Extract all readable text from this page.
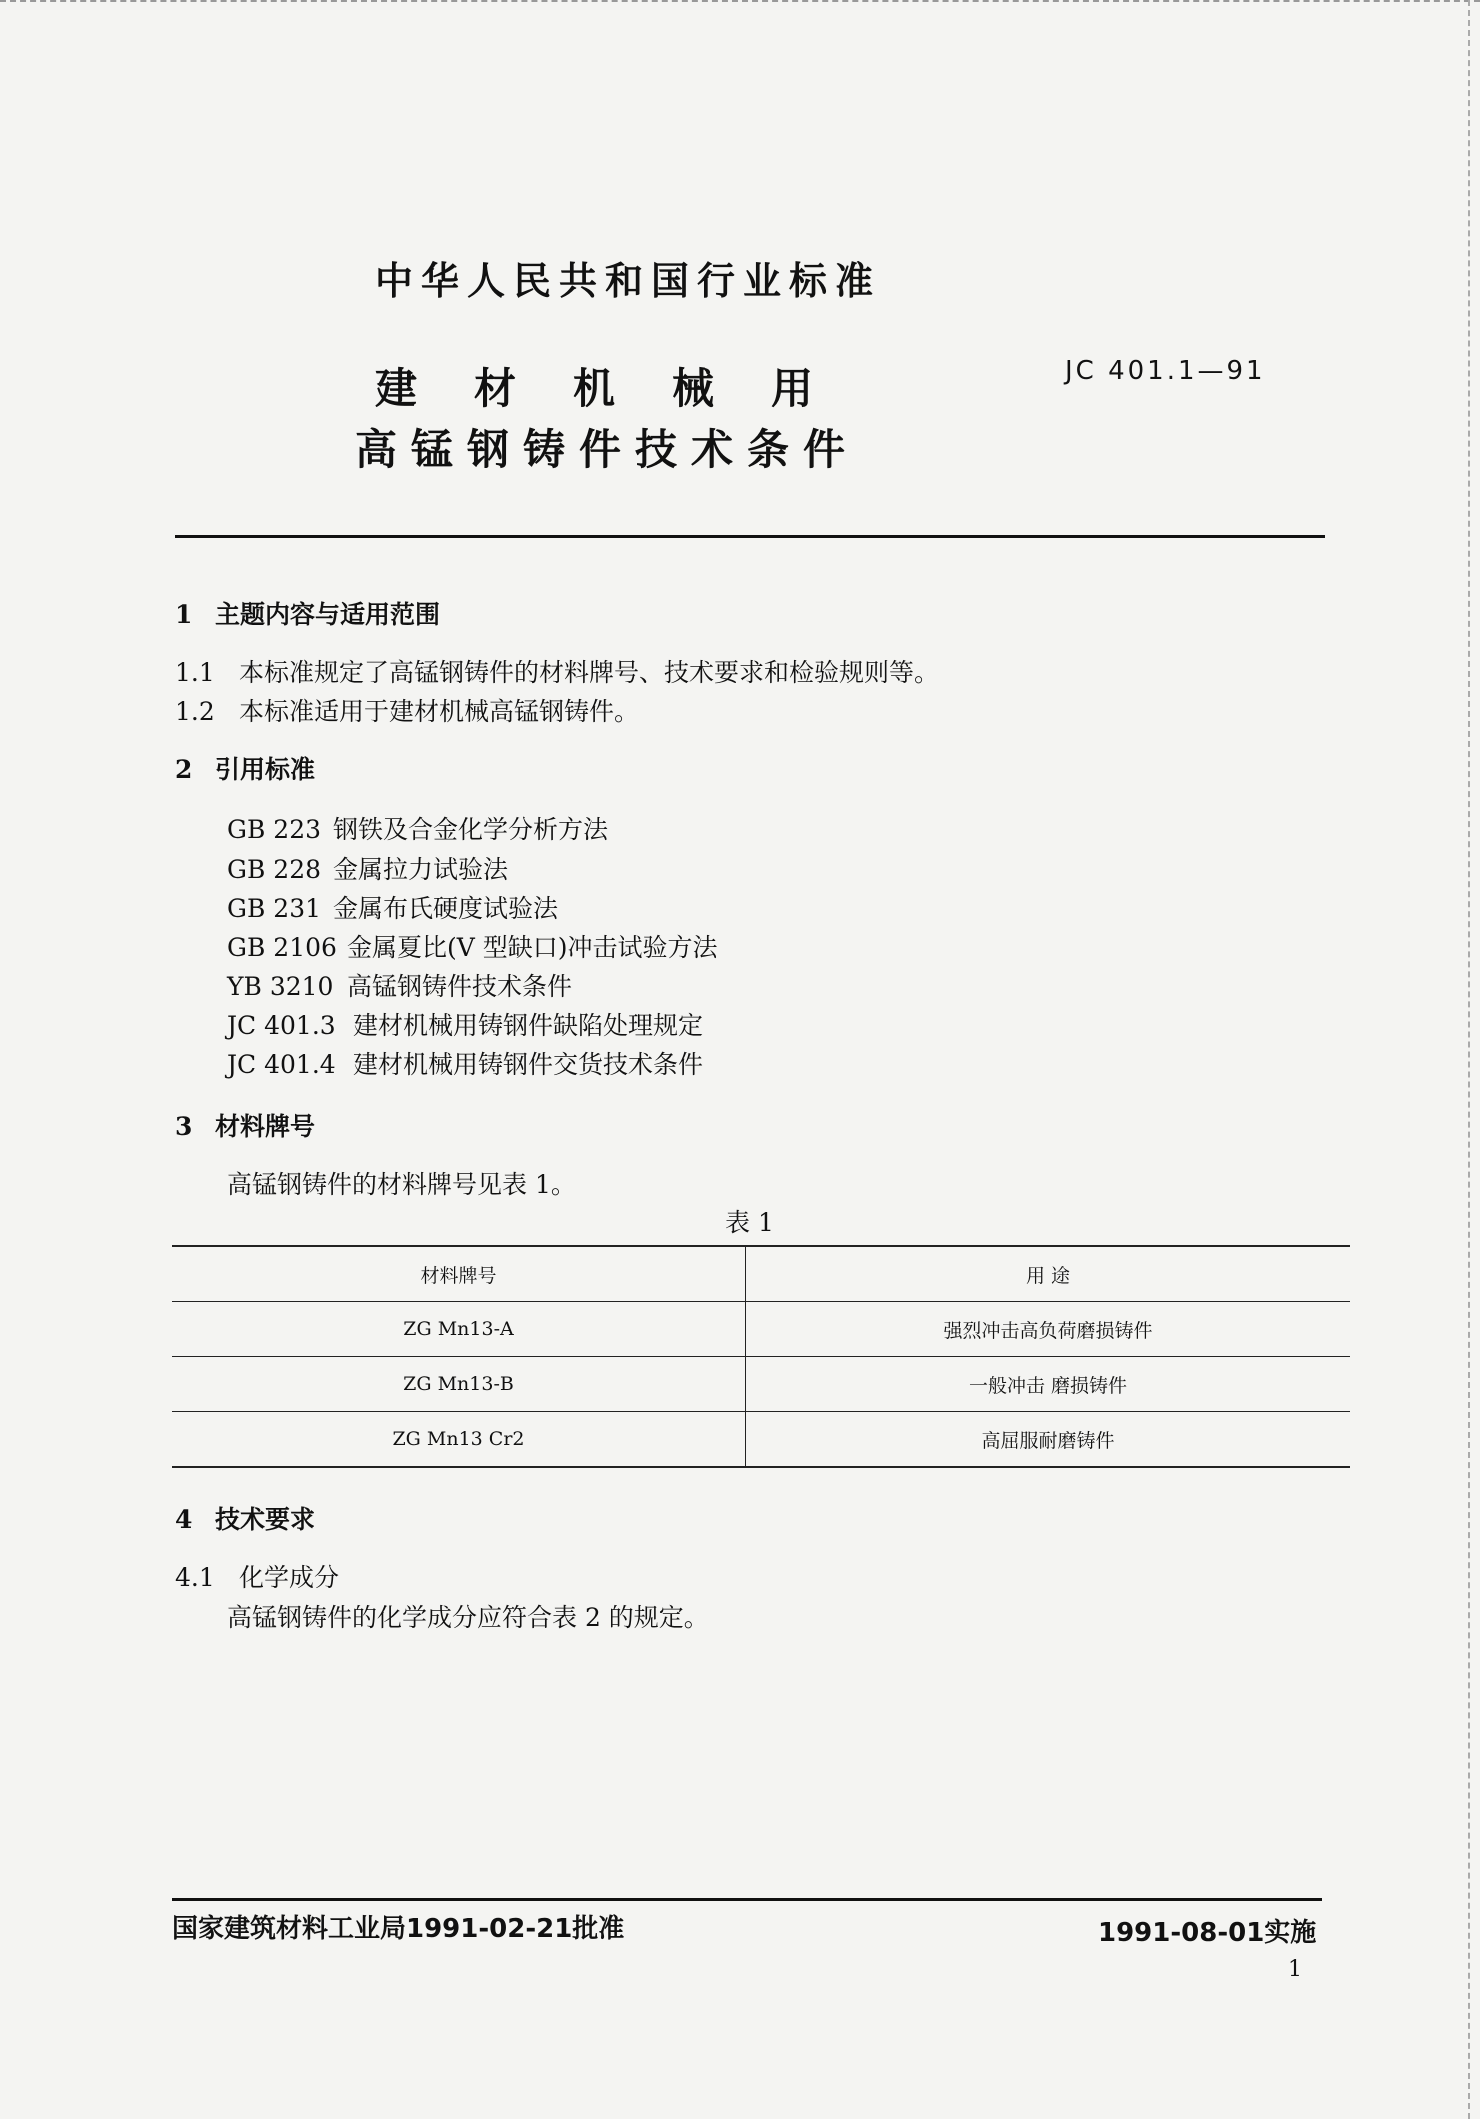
中华人民共和国行业标准
建材机械用
高锰钢铸件技术条件
JC 401.1—91
1 主题内容与适用范围
1.1 本标准规定了高锰钢铸件的材料牌号、技术要求和检验规则等。
1.2 本标准适用于建材机械高锰钢铸件。
2 引用标准
GB 223 钢铁及合金化学分析方法
GB 228 金属拉力试验法
GB 231 金属布氏硬度试验法
GB 2106 金属夏比(V 型缺口)冲击试验方法
YB 3210 高锰钢铸件技术条件
JC 401.3 建材机械用铸钢件缺陷处理规定
JC 401.4 建材机械用铸钢件交货技术条件
3 材料牌号
高锰钢铸件的材料牌号见表 1。
表 1
材料牌号	用 途
ZG Mn13-A	强烈冲击高负荷磨损铸件
ZG Mn13-B	一般冲击 磨损铸件
ZG Mn13 Cr2	高屈服耐磨铸件
4 技术要求
4.1 化学成分
高锰钢铸件的化学成分应符合表 2 的规定。
国家建筑材料工业局1991-02-21批准	1991-08-01实施
1
